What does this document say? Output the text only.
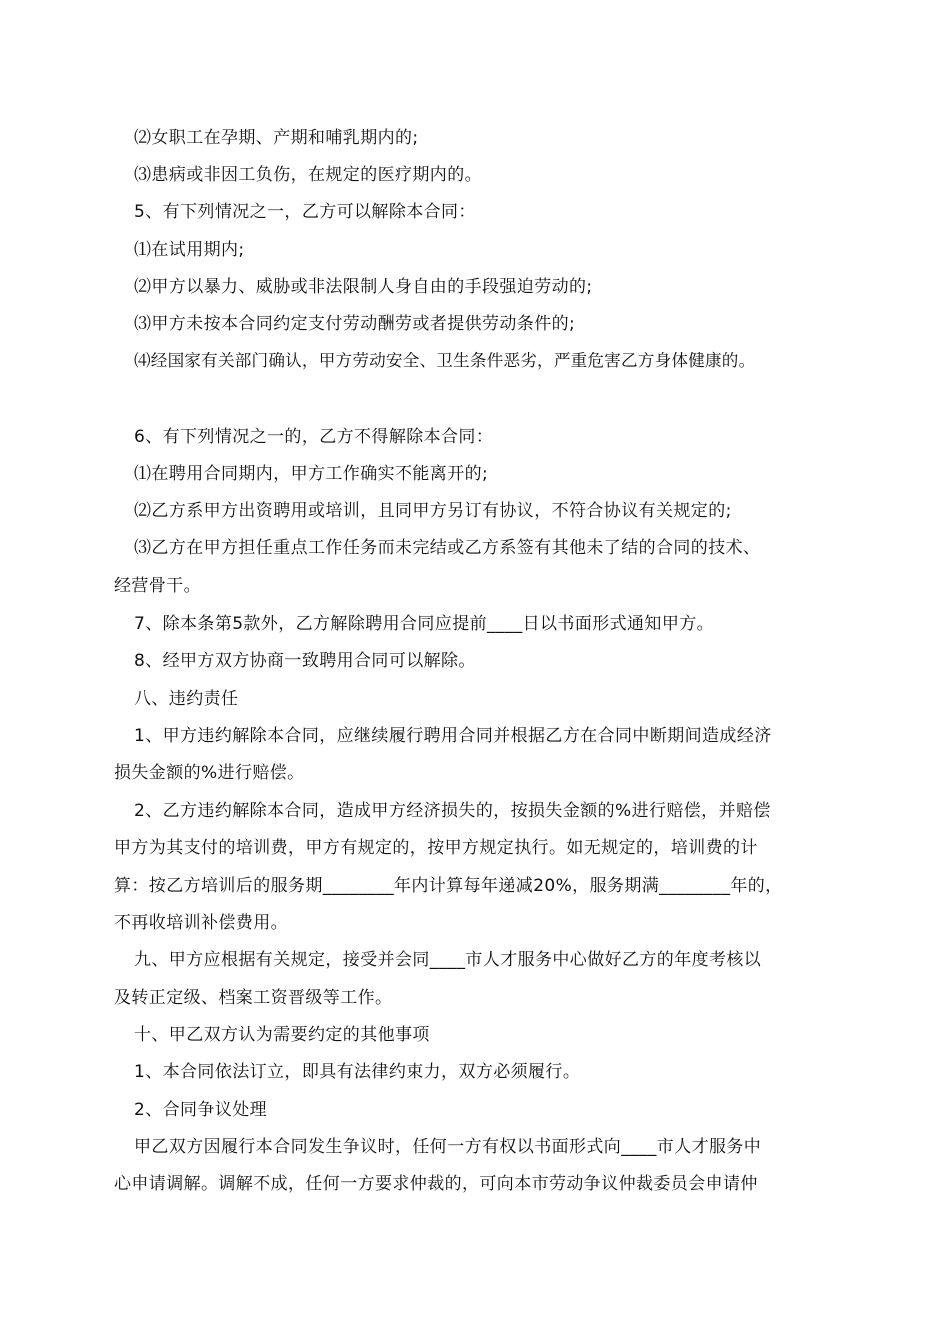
⑵女职工在孕期、产期和哺乳期内的;
⑶患病或非因工负伤，在规定的医疗期内的。
5、有下列情况之一，乙方可以解除本合同：
⑴在试用期内;
⑵甲方以暴力、威胁或非法限制人身自由的手段强迫劳动的;
⑶甲方未按本合同约定支付劳动酬劳或者提供劳动条件的;
⑷经国家有关部门确认，甲方劳动安全、卫生条件恶劣，严重危害乙方身体健康的。
6、有下列情况之一的，乙方不得解除本合同：
⑴在聘用合同期内，甲方工作确实不能离开的;
⑵乙方系甲方出资聘用或培训，且同甲方另订有协议，不符合协议有关规定的;
⑶乙方在甲方担任重点工作任务而未完结或乙方系签有其他未了结的合同的技术、
经营骨干。
7、除本条第5款外，乙方解除聘用合同应提前____日以书面形式通知甲方。
8、经甲方双方协商一致聘用合同可以解除。
八、违约责任
1、甲方违约解除本合同，应继续履行聘用合同并根据乙方在合同中断期间造成经济
损失金额的%进行赔偿。
2、乙方违约解除本合同，造成甲方经济损失的，按损失金额的%进行赔偿，并赔偿
甲方为其支付的培训费，甲方有规定的，按甲方规定执行。如无规定的，培训费的计
算：按乙方培训后的服务期________年内计算每年递减20%，服务期满________年的，
不再收培训补偿费用。
九、甲方应根据有关规定，接受并会同____市人才服务中心做好乙方的年度考核以
及转正定级、档案工资晋级等工作。
十、甲乙双方认为需要约定的其他事项
1、本合同依法订立，即具有法律约束力，双方必须履行。
2、合同争议处理
甲乙双方因履行本合同发生争议时，任何一方有权以书面形式向____市人才服务中
心申请调解。调解不成，任何一方要求仲裁的，可向本市劳动争议仲裁委员会申请仲
